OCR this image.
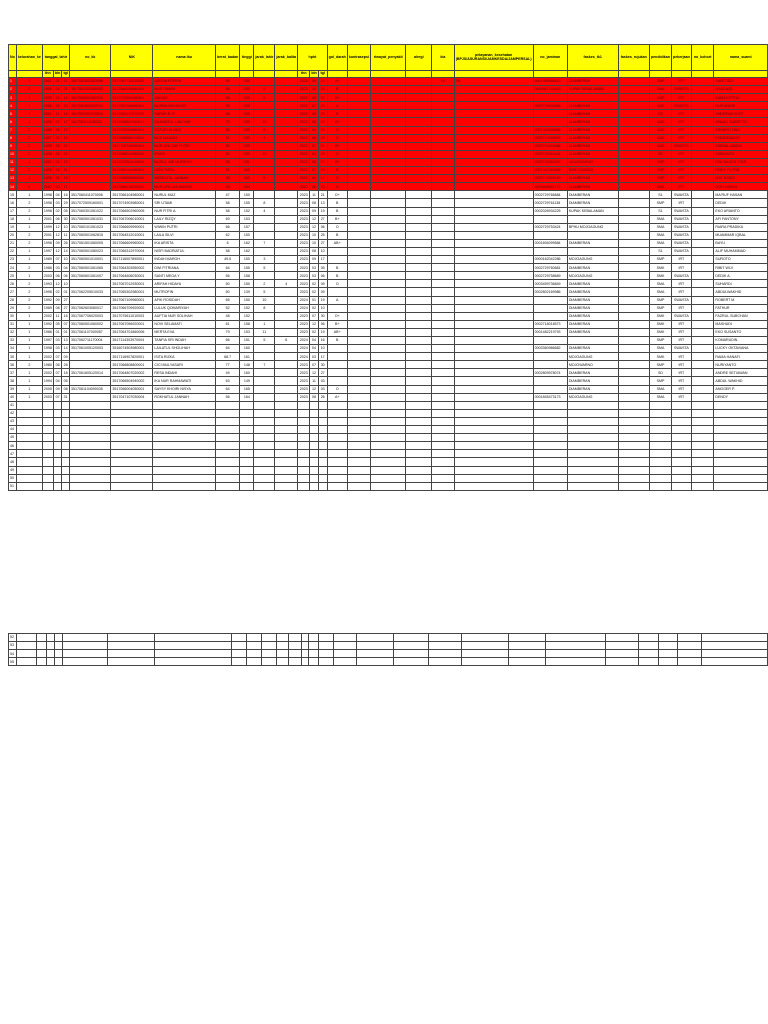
No	kelurahan_ke	tanggal_lahir			no_kk	NIK	nama ibu	berat_badan	tinggi	jarak_lahir	jarak_balita	hpht			gol_darah	kontrasepsi	riwayat_penyakit	alergi	kia	pelayanan_kesehatan (BPJS/ASURANSI/JAMKESDA/JAMPERSAL)	no_jaminan	faskes_tk1	faskes_rujukan	pendidikan	pekerjaan	no_kohort	nama_suami
		thn	bln	tgl								thn	bln	tgl													
1	1	2001	01	27	3517061601003068	3517067110010002	ADELIA FITRI M	54	150			2023	09	23	A+				YA	YA	0001869996813	DIAMBERAN		SMP	IRT		SANTOSO
2	2	1996	04	01	3517061201080003	3517068108960001	NUR FANAH	66	150	9		2023	10	20	B						0002867193163	KUPAK KEBALAMAN		SMA	SWASTA		MASDUQI
3	1	1995	04	16	3517060501060003	3517075604950001	ANISAH	58	159	9		2023	09	02	B+									SMP	IRT		BAMA KERTAI
4	1	1986	06	20	3517061609020001	3517064306860001	NURMA MAYASARI	59	158			2023	07	23	A						0002729604065	DIAMBERAN		SMK	SWASTA		NUR ANDRI
5	1	2001	11	16	3517061201210029	3517064611010003	SARAH R. P.	68	155			2023	09	25	B							DIAMBERAN		D3	IRT		ANDREAN SIGIT
6	1	1996	07	17	3517061111100002	3517066507960017	SILAMATUL LAILIYAH	75	159	10		2023	08	02	A+							DIAMBERAN		SMA	IRT		ANANG SUBROTO
7	2	1988	06	12		3517065206880001	SOFIATUN NIUT	56	159	8		2023	09	03	O						0001324088685	DIAMBERAN		SMA	IRT		ASHARI TONO
8	2	1997	06	10		3517065006970001	NUR MAIDAH	41	150	4		2023	06	20	O						0002710249093	DIAMBERAN		SMA	IRT		KHUSONUDIN
9	2	1995	08	20		3517105708950001	NUR AINI DWI PUTRI	55	155			2023	07	01	B+						0002701503088	DIAMBERAN		SMA	SWASTA		ZAENAL ABIDIN
10	2	1998	08	20		3517066010980002	IRIANI	62	150	10		2023	04	20	O						0002720015301	DIAMBERAN		SD	IRT		SISWANTO
11	1	2002	06	12		3517025304020004	NURUL UMI MUFIROH	58	151			2023	08	07	B+						0002726564357	MOJOWARNO		SMP	IRT		DWI BAGUS TYAS
12	2	1996	04	21		3517066104960001	CENI TIARA	61	160			2023	07	09	B						0001337363659	BANYUWANGI		SMP	IRT		RISKY PUTRA
13	1	1996	06	16		3517066908960002	NASRATUL JANNAH	48	160	5		2023	09	12	O						0002719928189	DIAMBERAN		SMP	IRT		MAT NGADI
14	2	2002	03	11		3517066118020001	NUR AINI MULANDARI	46	160			2023	06	03	O						0002808687175	DIAMBERAN		SMA	IRT		MOH.ZAMAN
15	1	1998	04	16	3517060411070006	3517066104980001	NURUL MUZ	47	150			2023	11	21	O+						0002729766684	DIAMBERAN		S1	SWASTA		MA'RUF HASAN
16	2	1998	03	29	3517072509160001	3517074903980001	SRI UTAMI	58	155	8		2023	08	13	B						0002729761138	DIAMBERAN		SMP	IRT		DEDIK
17	2	1996	02	05	3517060301061022	3517066502960005	NUR FITRI A.	58	152	4		2023	09	19	B						0002026934225	KUPAK KEBALAMAN		S1	SWASTA		EKO ARIANTO
18	1	2001	06	30	3517060501061031	3517067006010001	LAILY RIZQY	69	153			2023	12	27	B+									SMA	SWASTA		AFI FANTONY
19	1	1999	12	10	3517060101061023	3517066609990001	WIWIN PUTRI	66	157			2023	12	06	O						0002729753424	BPHU MOJOAGUNG		SMA	SWASTA		RIARA PRADIKA
20	2	2001	12	11	3517060501062815	3517064512010001	LAILA SILVI	62	150			2023	10	25	B									SMA	SWASTA		MUAMMAR IQBAL
21	2	1996	09	26	3517061501060005	3517066609960001	IKA ARISTA	6	162	7		2023	10	27	AB+						0001694099584	DIAMBERAN		SMA	SWASTA		BAYU
22	1	1997	12	14	3517060501080023	3517066312970004	NISFI BADRIATUL	58	162			2023	08	10										S1	SWASTA		ALIF MUHAMMAD
23	1	1989	07	10	3517060501010001	3517116007890001	INDAH MAROH	49.5	150	3		2023	09	17							0000162042286	MOJOAGUNG		SMP	IRT		SUROTO
24	2	1986	03	04	3517060501061065	3517064303950002	DWI FITRIANA	64	155	5		2023	03	05	B						0002729760681	DIAMBERAN		SMK	IRT		RIBIT WIJI
25	1	2003	06	06	3517060601061007	3517064606030001	SANTI MEGA Y	56	158			2023	03	06	B						0002729758689	MOJOAGUNG		SMK	SWASTA		DEDIK A.
26	2	1993	12	10		3517067012930001	ARIFAH HIDAYA	50	150	2	4	2023	02	09	O						0003459736849	DIAMBERAN		SMA	IRT		SUHARDI
27	2	1998	02	01	3517062205010033	3517065302980001	MUTROFIN	50	139	5		2023	02	09							0002802169986	DIAMBERAN		SMA	IRT		ABDULWAKHID
28	2	1992	09	27		3517067109960001	AFIK ROSIDAH	65	150	10		2024	01	19	A							DIAMBERAN		SMP	SWASTA		ROBERT M.
29	2	1989	08	27	3517062603080017	3517066709920002	LULUK QOMARIYAH	52	152	8		2024	02	10								DIAMBERAN		SMP	IRT		FATHUR
30	1	2002	11	16	3517067706020003	3517075611010003	AUFTIA NUR SOLIHAH	48	152			2023	07	30	O+							DIAMBERAN		SMK	SWASTA		FAZRUL SUBCHAN
31	1	1992	05	07	3517060501060002	3517067056920001	NOVI SELAMATI	61	158	1		2023	12	06	B+						0002718018573	DIAMBERAN		SMK	IRT		MASHUDI
32	1	1986	01	01	3517061107000057	3517064701860006	MERTA EVA	79	153	11		2023	02	19	AB+						0001482219793	DIAMBERAN		SMK	IRT		EKO SUSANTO
33	1	1997	03	13	3517062711170004	3517114303970004	TANFIA SRI INDAH	66	151	5	6	2024	04	16	B									SMP	IRT		KOMARUDIN
34	1	1998	03	14	3517061005120003	3516074503980001	LAILATUL SHOLIHAH	64	160			2024	04	10							0003360986682	DIAMBERAN		SMA	SWASTA		LUCKY OKTAVIANA
35	1	2002	07	09		3517116907820001	ISITA RIZKA	68.7	161			2024	03	17								MOJOAGUNG		SMK	IRT		RAMA HANAFI
36	2	1980	06	28		3517066808800001	CICI MULYASARI	77	148	7		2023	07	30								MOJOWARNO		SMP	IRT		NURIYANTO
37	1	2002	07	18	3517061605120014	3517064807020002	RESA INDAHI	49	160			2023	12	27							0002809978074	DIAMBERAN		SD	IRT		ANDRE SETIAWAN
38	1	1994	04	05		3517066504940002	IKA NUR RAHMAWATI	63	149			2023	11	03								DIAMBERAN		SMP	IRT		ABDUL WAKHID
39	1	2005	09	08	3517061104090035	3517066004050001	SAYSY KHOIRI NISYA	64	165			2023	12	03	O							DIAMBERAN		SMA	IRT		ANGGER P.
40	1	2003	07	31		3517047107030004	ROKHATUL JANNAH	56	164			2023	08	26	A+						0001845473173	MOJOAGUNG		SMA	IRT		DENDY
41																											
42																											
43																											
44																											
45																											
46																											
47																											
48																											
49																											
50																											
51																											
52																											
53																											
54																											
55																											
